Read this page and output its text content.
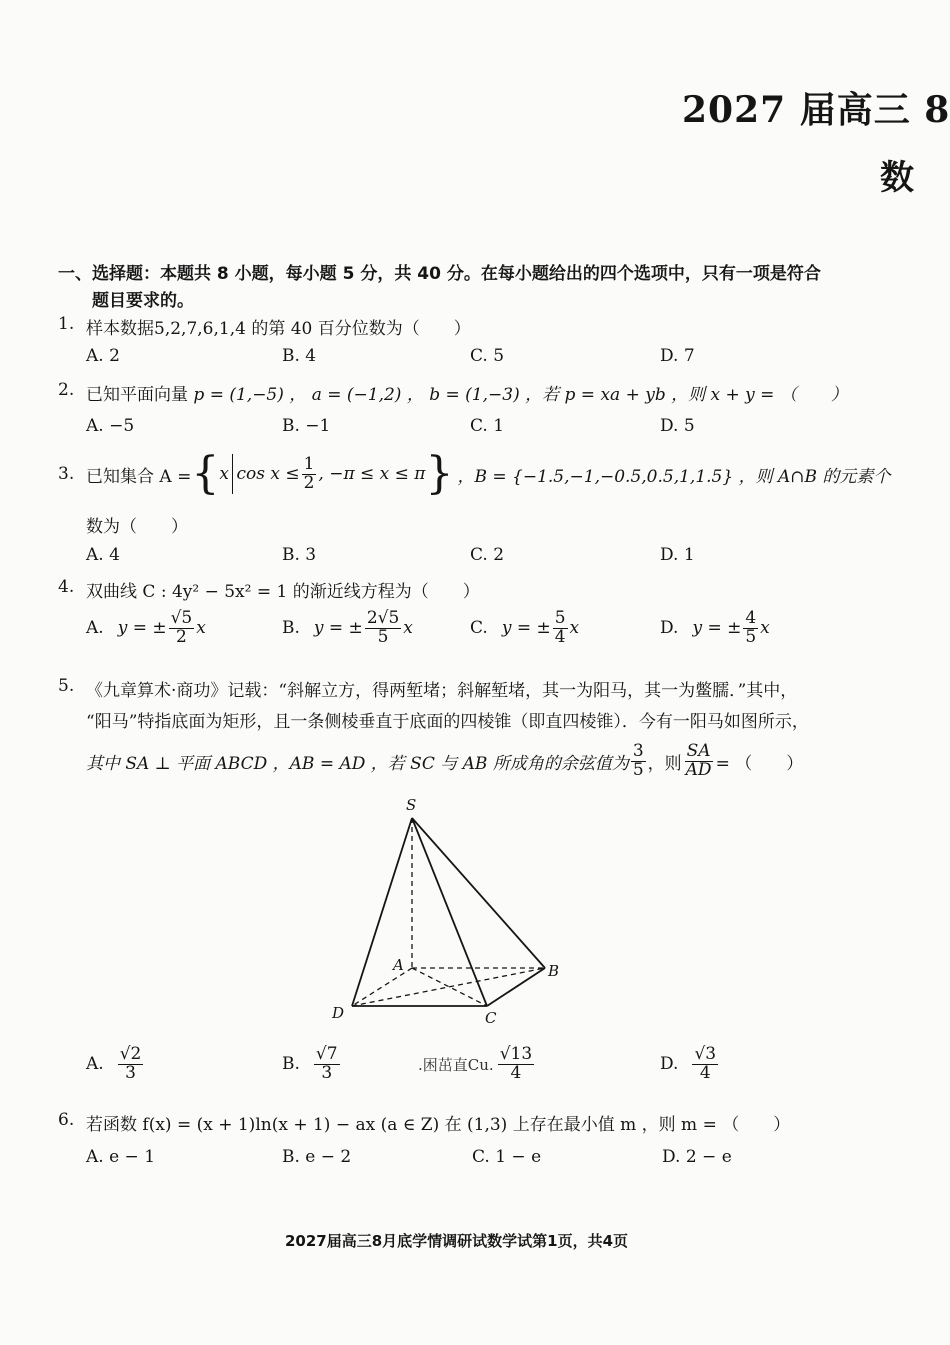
2027 届高三 8
数
一、选择题：本题共 8 小题，每小题 5 分，共 40 分。在每小题给出的四个选项中，只有一项是符合
题目要求的。
1. 样本数据5,2,7,6,1,4 的第 40 百分位数为（　　）
A. 2	B. 4	C. 5	D. 7
2. 已知平面向量 p = (1,−5) ， a = (−1,2) ， b = (1,−3) ，若 p = xa + yb ，则 x + y = （　　）
A. −5	B. −1	C. 1	D. 5
3. 已知集合 A = { x $\cos x \le \frac{1}{2}$ , −π ≤ x ≤ π } ，B = {−1.5,−1,−0.5,0.5,1,1.5} ，则 A∩B 的元素个
数为（　　）
A. 4	B. 3	C. 2	D. 1
4. 双曲线 C : 4y² − 5x² = 1 的渐近线方程为（　　）
A. y = ± $\frac{√5}{2}$ x	B. y = ± $\frac{2√5}{5}$ x	C. y = ± $\frac{5}{4}$ x	D. y = ± $\frac{4}{5}$ x
5. 《九章算术·商功》记载：“斜解立方，得两堑堵；斜解堑堵，其一为阳马，其一为鳖臑．”其中，
“阳马”特指底面为矩形，且一条侧棱垂直于底面的四棱锥（即直四棱锥）．今有一阳马如图所示，
其中 SA ⊥ 平面 ABCD ，AB = AD ，若 SC 与 AB 所成角的余弦值为 $\frac{3}{5}$ ，则 $\frac{SA}{AD}$ = （　　）
S
A	B
C
D
A. $\frac{√2}{3}$	B. $\frac{√7}{3}$	.困茁直Cu. $\frac{√13}{4}$	D. $\frac{√3}{4}$
6. 若函数 f(x) = (x + 1)ln(x + 1) − ax (a ∈ Z) 在 (1,3) 上存在最小值 m ，则 m = （　　）
A. e − 1	B. e − 2	C. 1 − e	D. 2 − e
2027届高三8月底学情调研试数学试第1页，共4页
